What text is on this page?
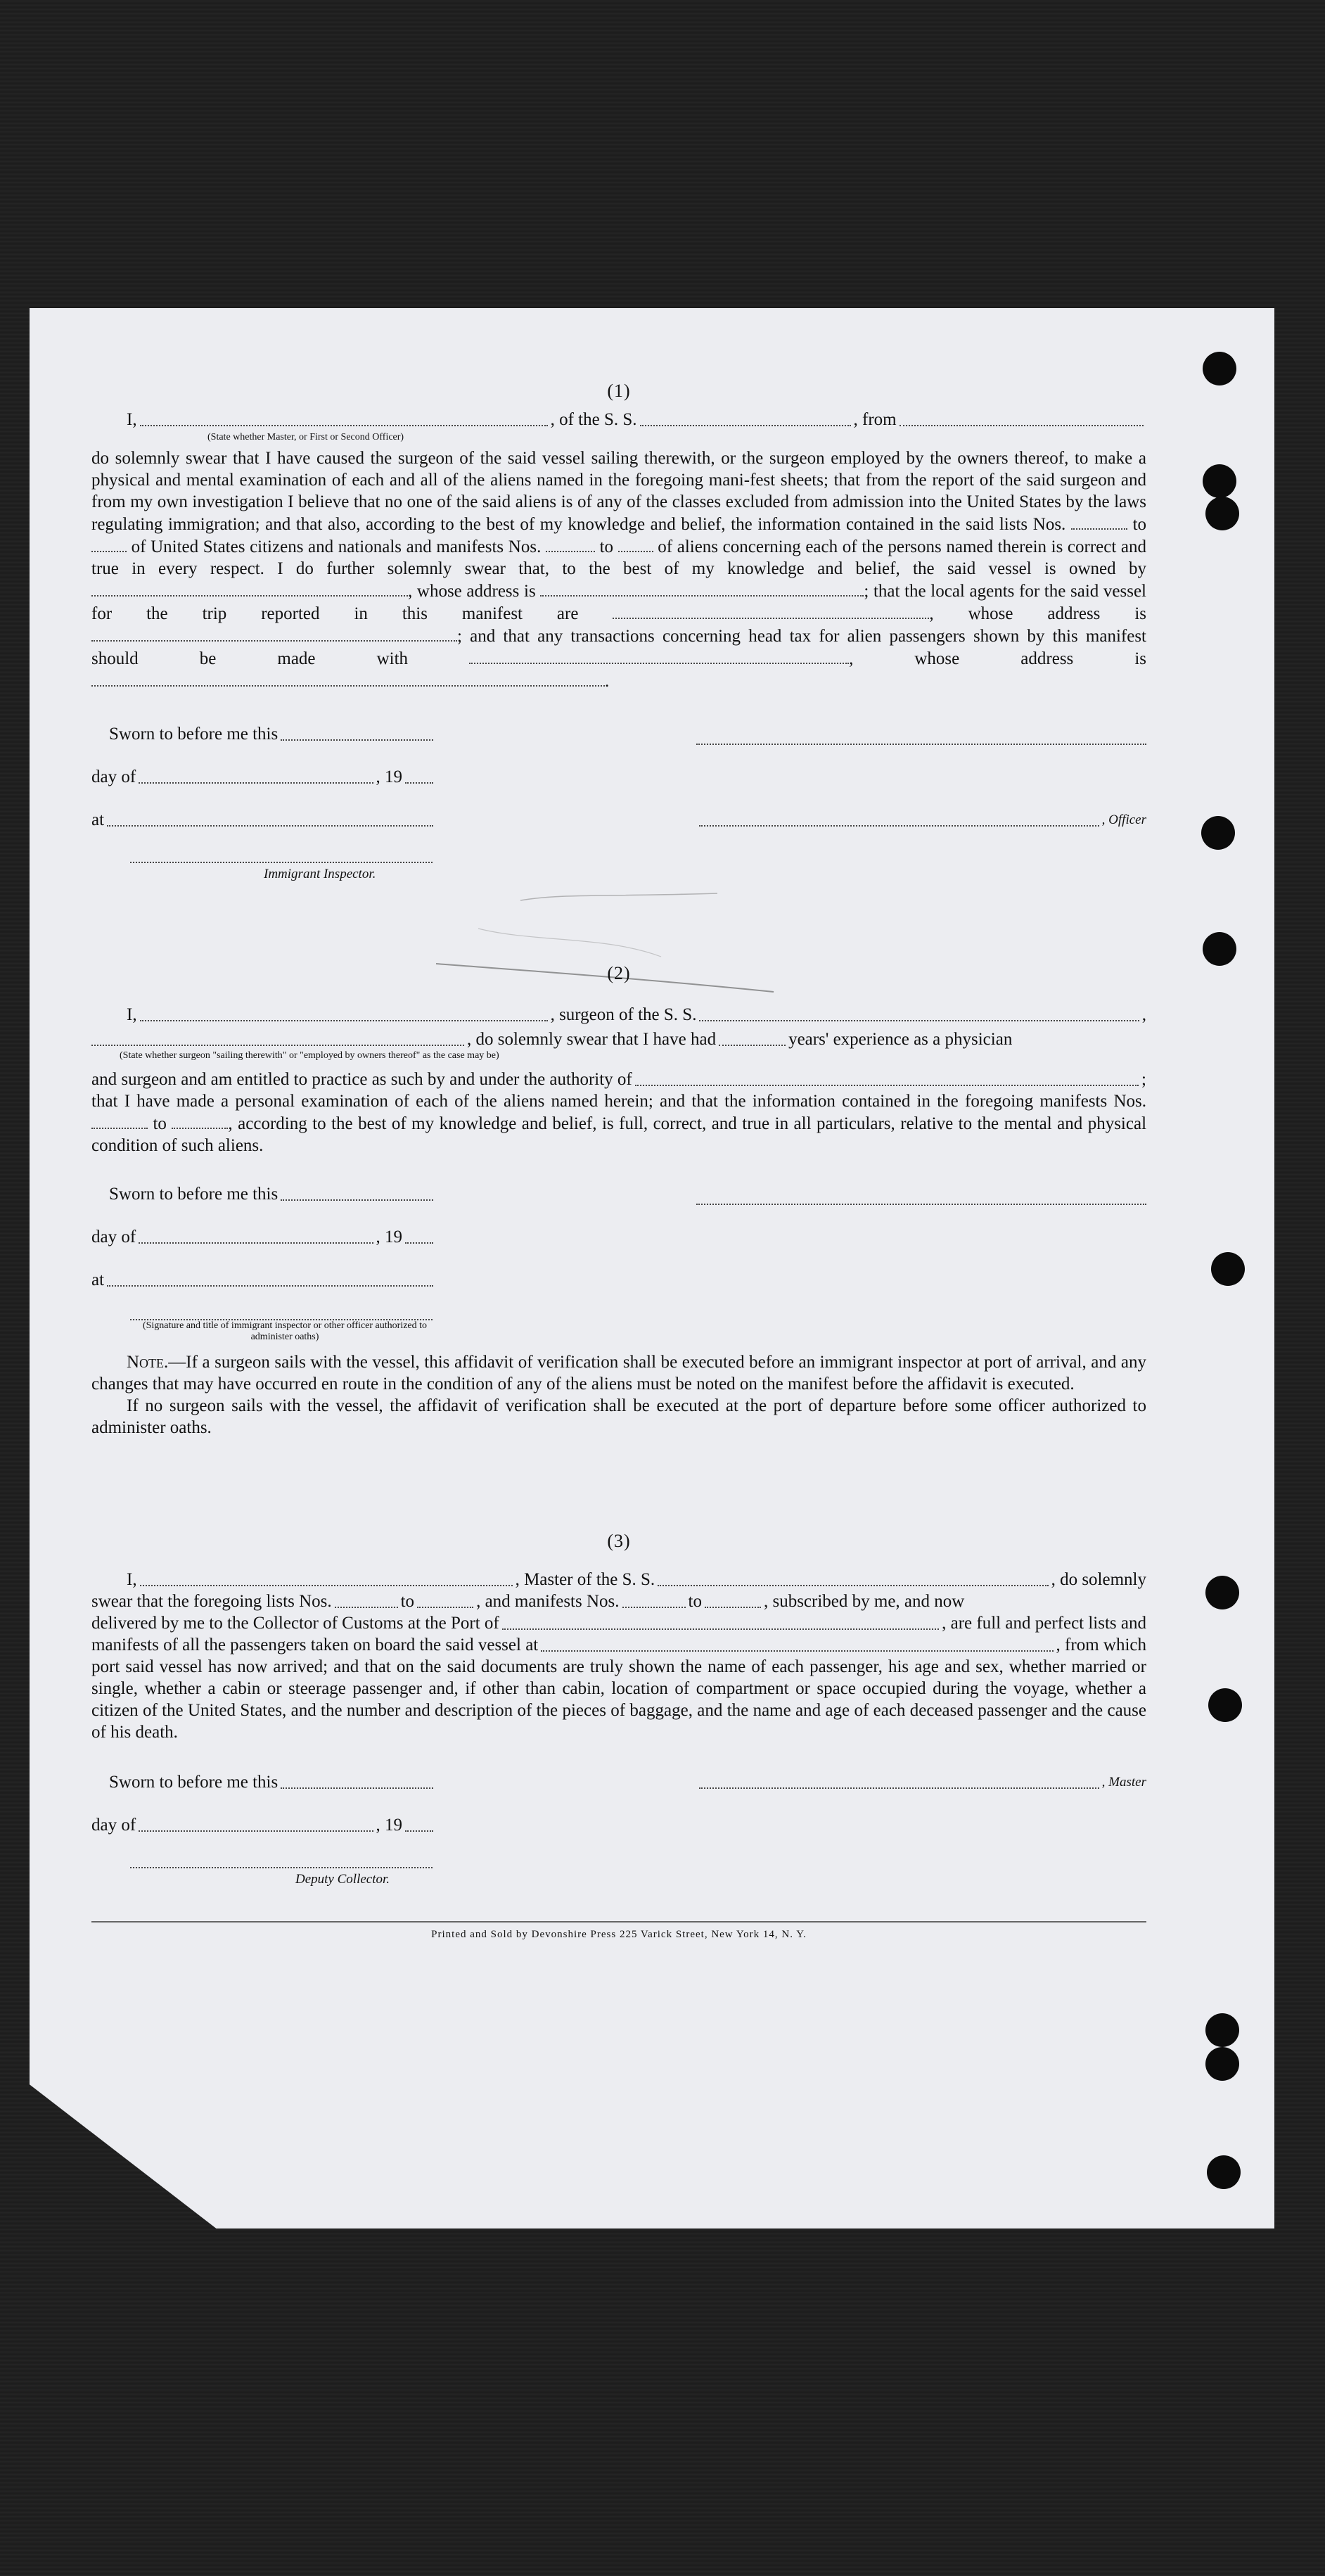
(1)
I,	, of the S. S.	, from
(State whether Master, or First or Second Officer)
do solemnly swear that I have caused the surgeon of the said vessel sailing therewith, or the surgeon employed by the owners thereof, to make a physical and mental examination of each and all of the aliens named in the foregoing mani-fest sheets; that from the report of the said surgeon and from my own investigation I believe that no one of the said aliens is of any of the classes excluded from admission into the United States by the laws regulating immigration; and that also, according to the best of my knowledge and belief, the information contained in the said lists Nos.	to  of United States citizens and nationals and manifests Nos.	to	of aliens concerning each of the persons named therein is correct and true in every respect. I do further solemnly swear that, to the best of my knowledge and belief, the said vessel is owned by , whose address is	; that the local agents for the said vessel for the trip reported in this manifest are	, whose address is ; and that any transactions concerning head tax for alien passengers shown by this manifest should be made with	, whose address is .
Sworn to before me this
day of	, 19
at	, Officer
Immigrant Inspector.
(2)
I,	, surgeon of the S. S.	,
, do solemnly swear that I have had	years' experience as a physician
(State whether surgeon "sailing therewith" or "employed by owners thereof" as the case may be)
and surgeon and am entitled to practice as such by and under the authority of	;
that I have made a personal examination of each of the aliens named herein; and that the information contained in the foregoing manifests Nos.  to	, according to the best of my knowledge and belief, is full, correct, and true in all particulars, relative to the mental and physical condition of such aliens.
Sworn to before me this
day of	, 19
at
(Signature and title of immigrant inspector or other officer authorized to administer oaths)
Note.—If a surgeon sails with the vessel, this affidavit of verification shall be executed before an immigrant inspector at port of arrival, and any changes that may have occurred en route in the condition of any of the aliens must be noted on the manifest before the affidavit is executed.
If no surgeon sails with the vessel, the affidavit of verification shall be executed at the port of departure before some officer authorized to administer oaths.
(3)
I,	, Master of the S. S.	, do solemnly
swear that the foregoing lists Nos.	to	, and manifests Nos.	to	, subscribed by me, and now
delivered by me to the Collector of Customs at the Port of	, are full and perfect lists and
manifests of all the passengers taken on board the said vessel at	, from which
port said vessel has now arrived; and that on the said documents are truly shown the name of each passenger, his age and sex, whether married or single, whether a cabin or steerage passenger and, if other than cabin, location of compartment or space occupied during the voyage, whether a citizen of the United States, and the number and description of the pieces of baggage, and the name and age of each deceased passenger and the cause of his death.
Sworn to before me this	, Master
day of	, 19
Deputy Collector.
Printed and Sold by Devonshire Press 225 Varick Street, New York 14, N. Y.
